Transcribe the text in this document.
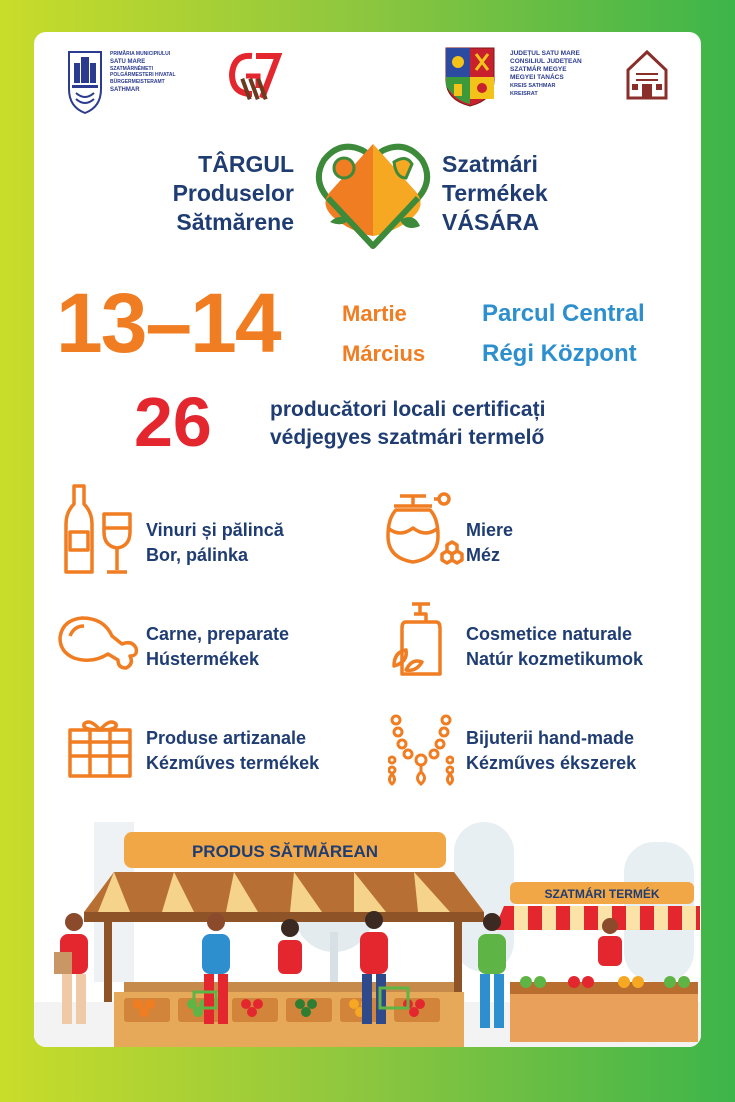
PRIMĂRIA MUNICIPIULUI
SATU MARE
SZATMÁRNÉMETI POLGÁRMESTERI HIVATAL
BÜRGERMEISTERAMT
SATHMAR
JUDEȚUL SATU MARE
CONSILIUL JUDEȚEAN
SZATMÁR MEGYE
MEGYEI TANÁCS
KREIS SATHMAR
KREISRAT
TÂRGUL
Produselor
Sătmărene
Szatmári
Termékek
VÁSÁRA
13–14	Martie
Március
Parcul Central
Régi Központ
26	producători locali certificați
védjegyes szatmári termelő
Vinuri și pălincă
Bor, pálinka
Miere
Méz
Carne, preparate
Hústermékek
Cosmetice naturale
Natúr kozmetikumok
Produse artizanale
Kézműves termékek
Bijuterii hand-made
Kézműves ékszerek
PRODUS SĂTMĂREAN
SZATMÁRI TERMÉK
